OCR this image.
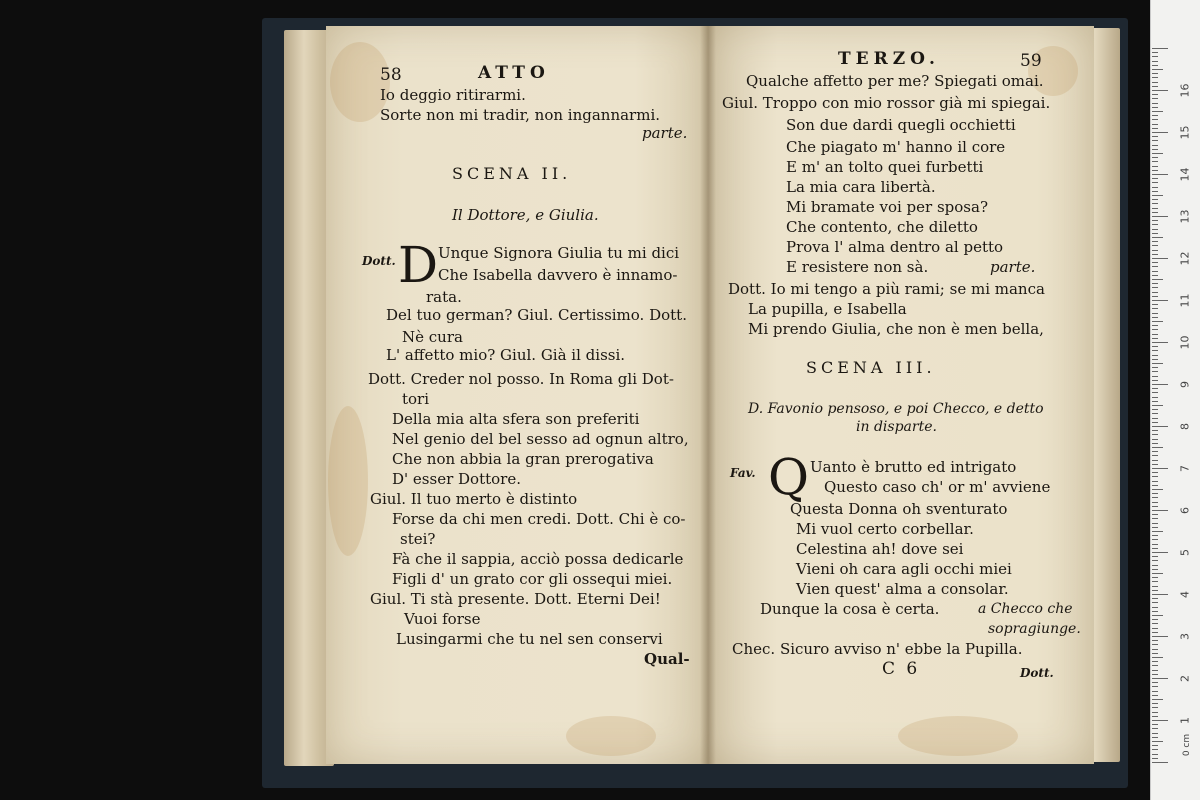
58	ATTO
Io deggio ritirarmi.
Sorte non mi tradir, non ingannarmi.
parte.
SCENA II.
Il Dottore, e Giulia.
Dott. D Unque Signora Giulia tu mi dici
Che Isabella davvero è innamo-
rata.
Del tuo german? Giul. Certissimo. Dott.
Nè cura
L' affetto mio? Giul. Già il dissi.
Dott. Creder nol posso. In Roma gli Dot-
tori
Della mia alta sfera son preferiti
Nel genio del bel sesso ad ognun altro,
Che non abbia la gran prerogativa
D' esser Dottore.
Giul. Il tuo merto è distinto
Forse da chi men credi. Dott. Chi è co-
stei?
Fà che il sappia, acciò possa dedicarle
Figli d' un grato cor gli ossequi miei.
Giul. Ti stà presente. Dott. Eterni Dei!
Vuoi forse
Lusingarmi che tu nel sen conservi
Qual-
TERZO.	59
Qualche affetto per me? Spiegati omai.
Giul. Troppo con mio rossor già mi spiegai.
Son due dardi quegli occhietti
Che piagato m' hanno il core
E m' an tolto quei furbetti
La mia cara libertà.
Mi bramate voi per sposa?
Che contento, che diletto
Prova l' alma dentro al petto
E resistere non sà.	parte.
Dott. Io mi tengo a più rami; se mi manca
La pupilla, e Isabella
Mi prendo Giulia, che non è men bella,
SCENA III.
D. Favonio pensoso, e poi Checco, e detto
in disparte.
Fav. Q Uanto è brutto ed intrigato
Questo caso ch' or m' avviene
Questa Donna oh sventurato
Mi vuol certo corbellar.
Celestina ah! dove sei
Vieni oh cara agli occhi miei
Vien quest' alma a consolar.
Dunque la cosa è certa.	a Checco che
sopragiunge.
Chec. Sicuro avviso n' ebbe la Pupilla.
C 6	Dott.
0 cm
1
2
3
4
5
6
7
8
9
10
11
12
13
14
15
16
